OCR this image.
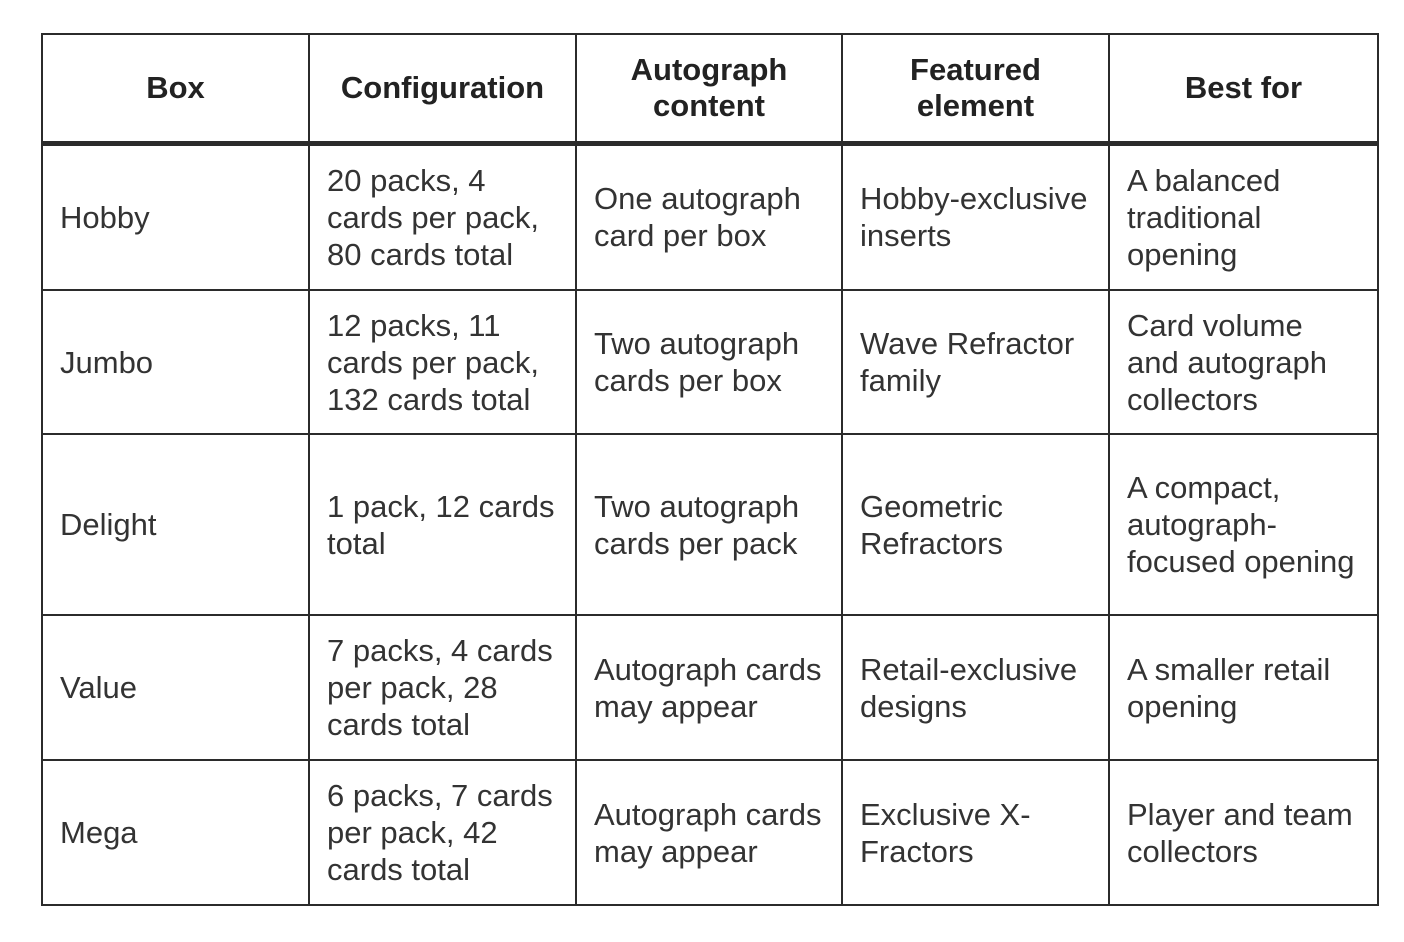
Box	Configuration	Autograph content	Featured element	Best for
Hobby	20 packs, 4 cards per pack, 80 cards total	One autograph card per box	Hobby-exclusive inserts	A balanced traditional opening
Jumbo	12 packs, 11 cards per pack, 132 cards total	Two autograph cards per box	Wave Refractor family	Card volume and autograph collectors
Delight	1 pack, 12 cards total	Two autograph cards per pack	Geometric Refractors	A compact, autograph-focused opening
Value	7 packs, 4 cards per pack, 28 cards total	Autograph cards may appear	Retail-exclusive designs	A smaller retail opening
Mega	6 packs, 7 cards per pack, 42 cards total	Autograph cards may appear	Exclusive X-Fractors	Player and team collectors
